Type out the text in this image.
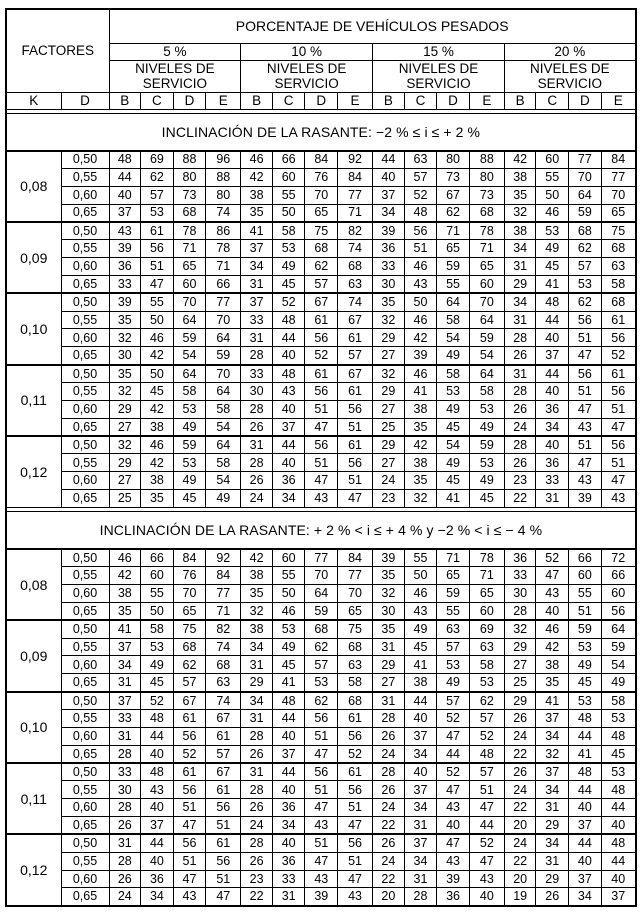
FACTORES		PORCENTAJE DE VEHÍCULOS PESADOS															
		5 %				10 %				15 %				20 %			
		NIVELES DE SERVICIO				NIVELES DE SERVICIO				NIVELES DE SERVICIO				NIVELES DE SERVICIO			
K	D	B	C	D	E	B	C	D	E	B	C	D	E	B	C	D	E

INCLINACIÓN DE LA RASANTE: −2 % ≤ i ≤ + 2 %																	
0,08	0,50	48	69	88	96	46	66	84	92	44	63	80	88	42	60	77	84
	0,55	44	62	80	88	42	60	76	84	40	57	73	80	38	55	70	77
	0,60	40	57	73	80	38	55	70	77	37	52	67	73	35	50	64	70
	0,65	37	53	68	74	35	50	65	71	34	48	62	68	32	46	59	65
0,09	0,50	43	61	78	86	41	58	75	82	39	56	71	78	38	53	68	75
	0,55	39	56	71	78	37	53	68	74	36	51	65	71	34	49	62	68
	0,60	36	51	65	71	34	49	62	68	33	46	59	65	31	45	57	63
	0,65	33	47	60	66	31	45	57	63	30	43	55	60	29	41	53	58
0,10	0,50	39	55	70	77	37	52	67	74	35	50	64	70	34	48	62	68
	0,55	35	50	64	70	33	48	61	67	32	46	58	64	31	44	56	61
	0,60	32	46	59	64	31	44	56	61	29	42	54	59	28	40	51	56
	0,65	30	42	54	59	28	40	52	57	27	39	49	54	26	37	47	52
0,11	0,50	35	50	64	70	33	48	61	67	32	46	58	64	31	44	56	61
	0,55	32	45	58	64	30	43	56	61	29	41	53	58	28	40	51	56
	0,60	29	42	53	58	28	40	51	56	27	38	49	53	26	36	47	51
	0,65	27	38	49	54	26	37	47	51	25	35	45	49	24	34	43	47
0,12	0,50	32	46	59	64	31	44	56	61	29	42	54	59	28	40	51	56
	0,55	29	42	53	58	28	40	51	56	27	38	49	53	26	36	47	51
	0,60	27	38	49	54	26	36	47	51	24	35	45	49	23	33	43	47
	0,65	25	35	45	49	24	34	43	47	23	32	41	45	22	31	39	43

INCLINACIÓN DE LA RASANTE: + 2 % < i ≤ + 4 % y −2 % < i ≤ − 4 %																	
0,08	0,50	46	66	84	92	42	60	77	84	39	55	71	78	36	52	66	72
	0,55	42	60	76	84	38	55	70	77	35	50	65	71	33	47	60	66
	0,60	38	55	70	77	35	50	64	70	32	46	59	65	30	43	55	60
	0,65	35	50	65	71	32	46	59	65	30	43	55	60	28	40	51	56
0,09	0,50	41	58	75	82	38	53	68	75	35	49	63	69	32	46	59	64
	0,55	37	53	68	74	34	49	62	68	31	45	57	63	29	42	53	59
	0,60	34	49	62	68	31	45	57	63	29	41	53	58	27	38	49	54
	0,65	31	45	57	63	29	41	53	58	27	38	49	53	25	35	45	49
0,10	0,50	37	52	67	74	34	48	62	68	31	44	57	62	29	41	53	58
	0,55	33	48	61	67	31	44	56	61	28	40	52	57	26	37	48	53
	0,60	31	44	56	61	28	40	51	56	26	37	47	52	24	34	44	48
	0,65	28	40	52	57	26	37	47	52	24	34	44	48	22	32	41	45
0,11	0,50	33	48	61	67	31	44	56	61	28	40	52	57	26	37	48	53
	0,55	30	43	56	61	28	40	51	56	26	37	47	51	24	34	44	48
	0,60	28	40	51	56	26	36	47	51	24	34	43	47	22	31	40	44
	0,65	26	37	47	51	24	34	43	47	22	31	40	44	20	29	37	40
0,12	0,50	31	44	56	61	28	40	51	56	26	37	47	52	24	34	44	48
	0,55	28	40	51	56	26	36	47	51	24	34	43	47	22	31	40	44
	0,60	26	36	47	51	23	33	43	47	22	31	39	43	20	29	37	40
	0,65	24	34	43	47	22	31	39	43	20	28	36	40	19	26	34	37
